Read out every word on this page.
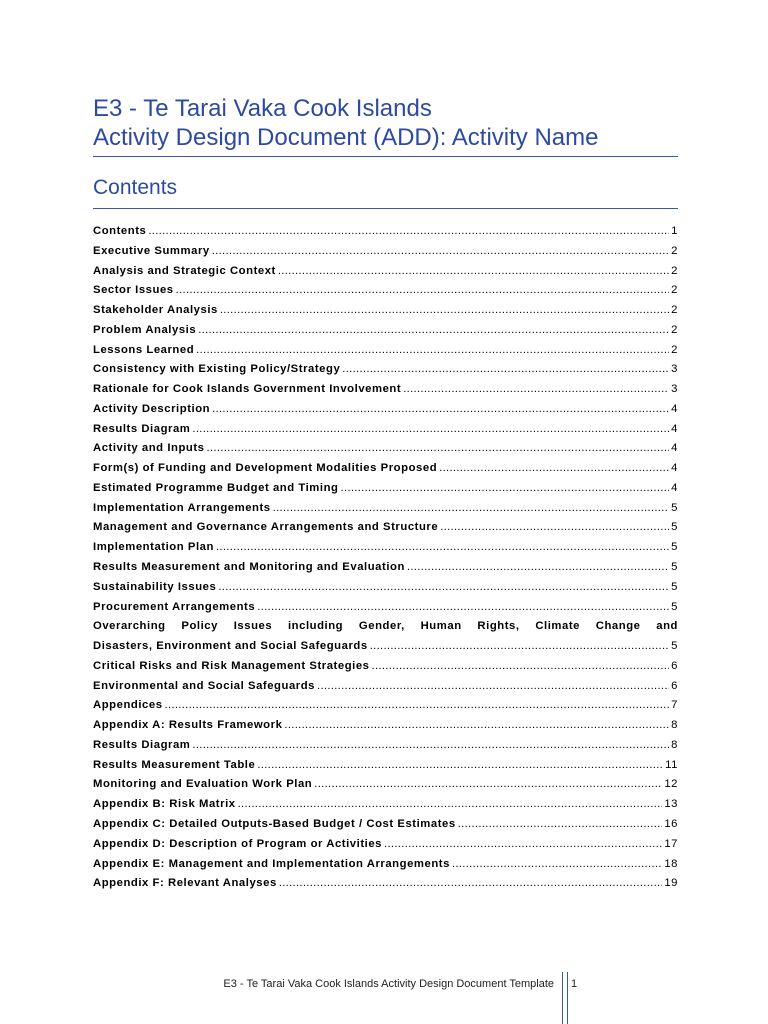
E3 - Te Tarai Vaka Cook Islands
Activity Design Document (ADD): Activity Name
Contents
Contents .....	1
Executive Summary .....	2
Analysis and Strategic Context .....	2
Sector Issues .....	2
Stakeholder Analysis .....	2
Problem Analysis .....	2
Lessons Learned .....	2
Consistency with Existing Policy/Strategy .....	3
Rationale for Cook Islands Government Involvement .....	3
Activity Description .....	4
Results Diagram .....	4
Activity and Inputs .....	4
Form(s) of Funding and Development Modalities Proposed .....	4
Estimated Programme Budget and Timing .....	4
Implementation Arrangements .....	5
Management and Governance Arrangements and Structure .....	5
Implementation Plan .....	5
Results Measurement and Monitoring and Evaluation .....	5
Sustainability Issues .....	5
Procurement Arrangements .....	5
Overarching Policy Issues including Gender, Human Rights, Climate Change and
Disasters, Environment and Social Safeguards .....	5
Critical Risks and Risk Management Strategies .....	6
Environmental and Social Safeguards .....	6
Appendices .....	7
Appendix A: Results Framework .....	8
Results Diagram .....	8
Results Measurement Table .....	11
Monitoring and Evaluation Work Plan .....	12
Appendix B: Risk Matrix .....	13
Appendix C: Detailed Outputs-Based Budget / Cost Estimates .....	16
Appendix D: Description of Program or Activities .....	17
Appendix E: Management and Implementation Arrangements .....	18
Appendix F: Relevant Analyses .....	19
E3 - Te Tarai Vaka Cook Islands Activity Design Document Template 1
